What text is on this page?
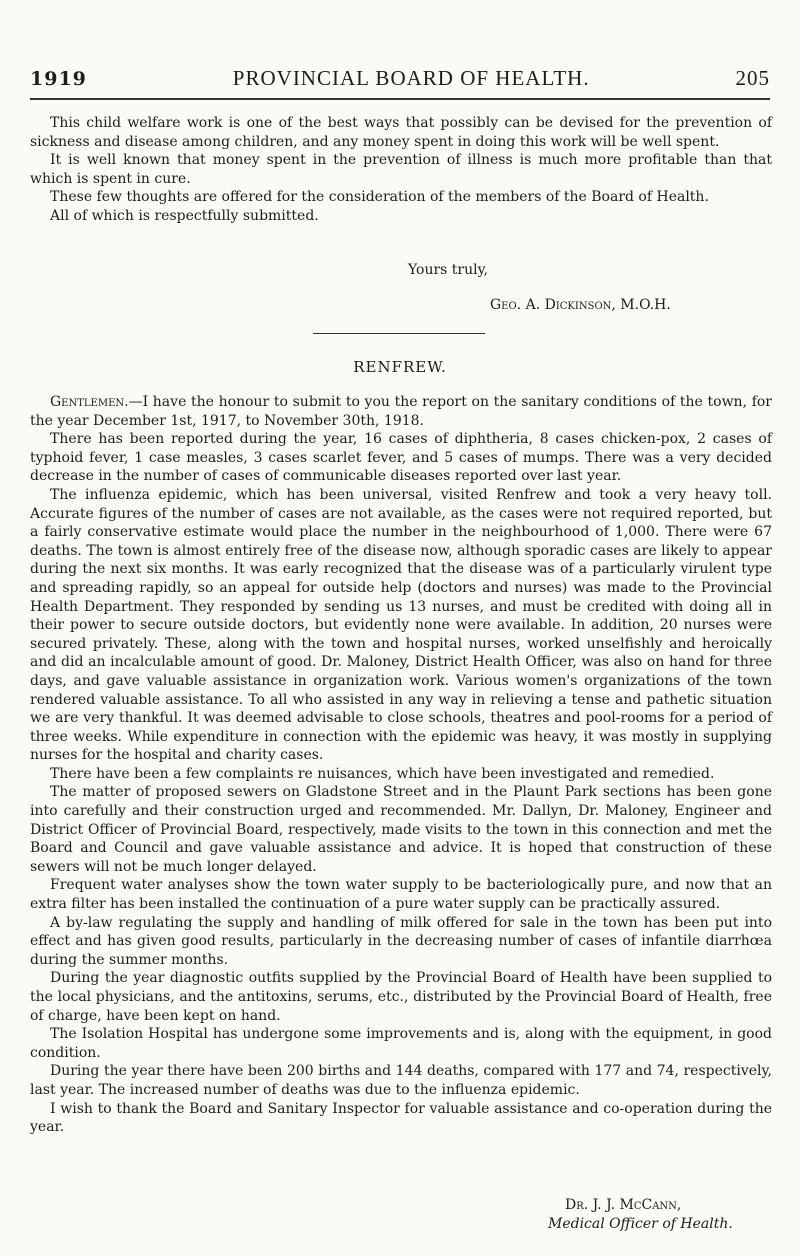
1919	PROVINCIAL BOARD OF HEALTH.	205

This child welfare work is one of the best ways that possibly can be devised for the prevention of sickness and disease among children, and any money spent in doing this work will be well spent.

It is well known that money spent in the prevention of illness is much more profitable than that which is spent in cure.

These few thoughts are offered for the consideration of the members of the Board of Health.

All of which is respectfully submitted.

Yours truly,
Geo. A. Dickinson, M.O.H.
RENFREW.

Gentlemen.—I have the honour to submit to you the report on the sanitary conditions of the town, for the year December 1st, 1917, to November 30th, 1918.

There has been reported during the year, 16 cases of diphtheria, 8 cases chicken-pox, 2 cases of typhoid fever, 1 case measles, 3 cases scarlet fever, and 5 cases of mumps. There was a very decided decrease in the number of cases of communicable diseases reported over last year.

The influenza epidemic, which has been universal, visited Renfrew and took a very heavy toll. Accurate figures of the number of cases are not available, as the cases were not required reported, but a fairly conservative estimate would place the number in the neighbourhood of 1,000. There were 67 deaths. The town is almost entirely free of the disease now, although sporadic cases are likely to appear during the next six months. It was early recognized that the disease was of a particularly virulent type and spreading rapidly, so an appeal for outside help (doctors and nurses) was made to the Provincial Health Department. They responded by sending us 13 nurses, and must be credited with doing all in their power to secure outside doctors, but evidently none were available. In addition, 20 nurses were secured privately. These, along with the town and hospital nurses, worked unselfishly and heroically and did an incalculable amount of good. Dr. Maloney, District Health Officer, was also on hand for three days, and gave valuable assistance in organization work. Various women's organizations of the town rendered valuable assistance. To all who assisted in any way in relieving a tense and pathetic situation we are very thankful. It was deemed advisable to close schools, theatres and pool-rooms for a period of three weeks. While expenditure in connection with the epidemic was heavy, it was mostly in supplying nurses for the hospital and charity cases.

There have been a few complaints re nuisances, which have been investigated and remedied.

The matter of proposed sewers on Gladstone Street and in the Plaunt Park sections has been gone into carefully and their construction urged and recommended. Mr. Dallyn, Dr. Maloney, Engineer and District Officer of Provincial Board, respectively, made visits to the town in this connection and met the Board and Council and gave valuable assistance and advice. It is hoped that construction of these sewers will not be much longer delayed.

Frequent water analyses show the town water supply to be bacteriologically pure, and now that an extra filter has been installed the continuation of a pure water supply can be practically assured.

A by-law regulating the supply and handling of milk offered for sale in the town has been put into effect and has given good results, particularly in the decreasing number of cases of infantile diarrhœa during the summer months.

During the year diagnostic outfits supplied by the Provincial Board of Health have been supplied to the local physicians, and the antitoxins, serums, etc., distributed by the Provincial Board of Health, free of charge, have been kept on hand.

The Isolation Hospital has undergone some improvements and is, along with the equipment, in good condition.

During the year there have been 200 births and 144 deaths, compared with 177 and 74, respectively, last year. The increased number of deaths was due to the influenza epidemic.

I wish to thank the Board and Sanitary Inspector for valuable assistance and co-operation during the year.

Dr. J. J. McCann,
Medical Officer of Health.
